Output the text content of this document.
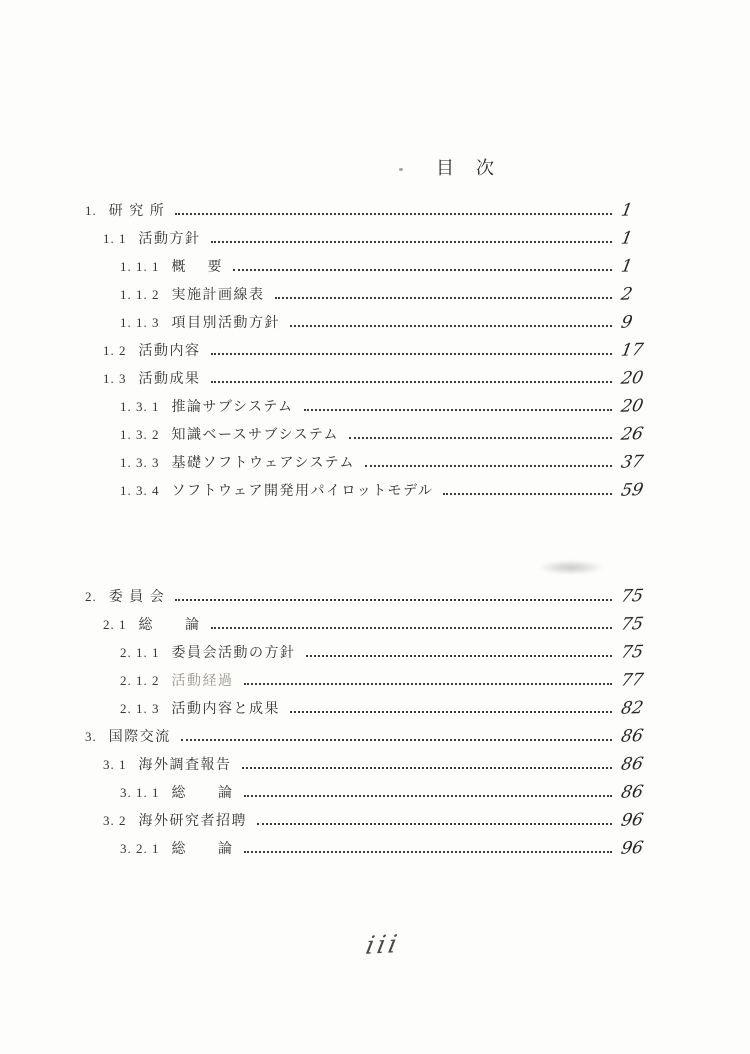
目　次
1. 研 究 所	1
1. 1 活動方針	1
1. 1. 1 概　 要	1
1. 1. 2 実施計画線表	2
1. 1. 3 項目別活動方針	9
1. 2 活動内容	17
1. 3 活動成果	20
1. 3. 1 推論サブシステム	20
1. 3. 2 知識ベースサブシステム	26
1. 3. 3 基礎ソフトウェアシステム	37
1. 3. 4 ソフトウェア開発用パイロットモデル	59
2. 委 員 会	75
2. 1 総　　論	75
2. 1. 1 委員会活動の方針	75
2. 1. 2 活動経過	77
2. 1. 3 活動内容と成果	82
3. 国際交流	86
3. 1 海外調査報告	86
3. 1. 1 総　　論	86
3. 2 海外研究者招聘	96
3. 2. 1 総　　論	96
iii
